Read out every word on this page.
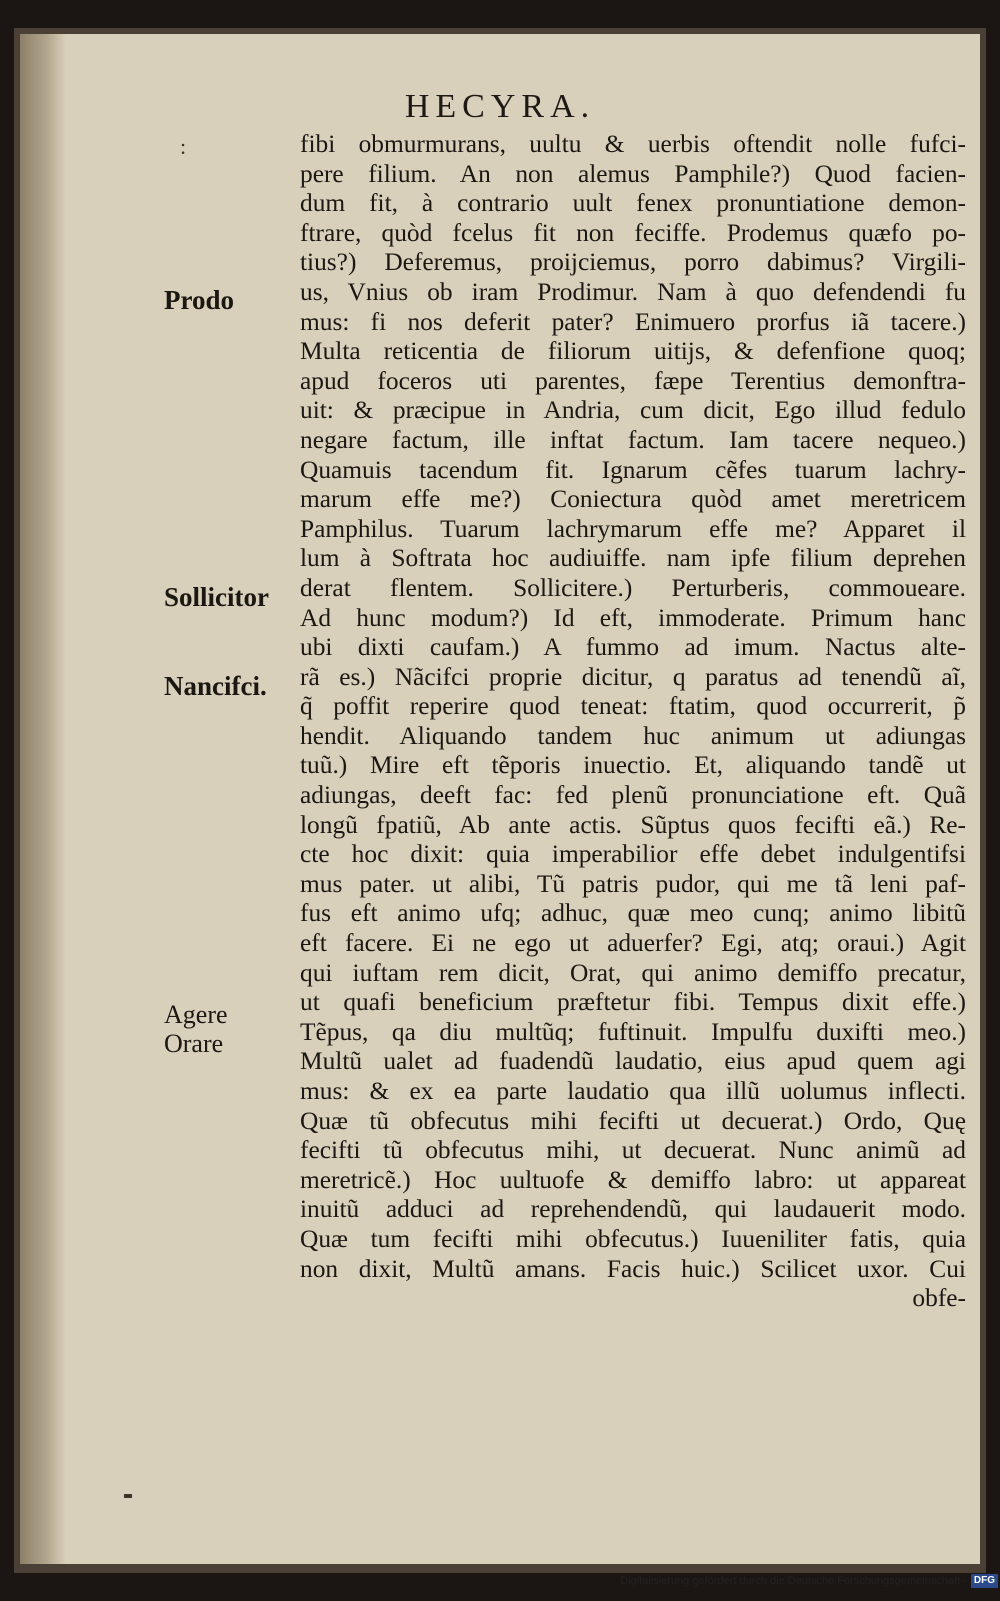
HECYRA.
:
Prodo
Sollicitor
Nancifci.
Agere
Orare
fibi obmurmurans, uultu & uerbis oftendit nolle fufci-
pere filium. An non alemus Pamphile?) Quod facien-
dum fit, à contrario uult fenex pronuntiatione demon-
ftrare, quòd fcelus fit non feciffe. Prodemus quæfo po-
tius?) Deferemus, proijciemus, porro dabimus? Virgili-
us, Vnius ob iram Prodimur. Nam à quo defendendi fu
mus: fi nos deferit pater? Enimuero prorfus iã tacere.)
Multa reticentia de filiorum uitijs, & defenfione quoq;
apud foceros uti parentes, fæpe Terentius demonftra-
uit: & præcipue in Andria, cum dicit, Ego illud fedulo
negare factum, ille inftat factum. Iam tacere nequeo.)
Quamuis tacendum fit. Ignarum cẽfes tuarum lachry-
marum effe me?) Coniectura quòd amet meretricem
Pamphilus. Tuarum lachrymarum effe me? Apparet il
lum à Softrata hoc audiuiffe. nam ipfe filium deprehen
derat flentem. Sollicitere.) Perturberis, commoueare.
Ad hunc modum?) Id eft, immoderate. Primum hanc
ubi dixti caufam.) A fummo ad imum. Nactus alte-
rã es.) Nãcifci proprie dicitur, q paratus ad tenendũ aĩ,
q̃ poffit reperire quod teneat: ftatim, quod occurrerit, p̃
hendit. Aliquando tandem huc animum ut adiungas
tuũ.) Mire eft tẽporis inuectio. Et, aliquando tandẽ ut
adiungas, deeft fac: fed plenũ pronunciatione eft. Quã
longũ fpatiũ, Ab ante actis. Sũptus quos fecifti eã.) Re-
cte hoc dixit: quia imperabilior effe debet indulgentifsi
mus pater. ut alibi, Tũ patris pudor, qui me tã leni paf-
fus eft animo ufq; adhuc, quæ meo cunq; animo libitũ
eft facere. Ei ne ego ut aduerfer? Egi, atq; oraui.) Agit
qui iuftam rem dicit, Orat, qui animo demiffo precatur,
ut quafi beneficium præftetur fibi. Tempus dixit effe.)
Tẽpus, qa diu multũq; fuftinuit. Impulfu duxifti meo.)
Multũ ualet ad fuadendũ laudatio, eius apud quem agi
mus: & ex ea parte laudatio qua illũ uolumus inflecti.
Quæ tũ obfecutus mihi fecifti ut decuerat.) Ordo, Quę
fecifti tũ obfecutus mihi, ut decuerat. Nunc animũ ad
meretricẽ.) Hoc uultuofe & demiffo labro: ut appareat
inuitũ adduci ad reprehendendũ, qui laudauerit modo.
Quæ tum fecifti mihi obfecutus.) Iuueniliter fatis, quia
non dixit, Multũ amans. Facis huic.) Scilicet uxor. Cui
obfe-
Digitalisierung gefördert durch die Deutsche Forschungsgemeinschaft - DFG
